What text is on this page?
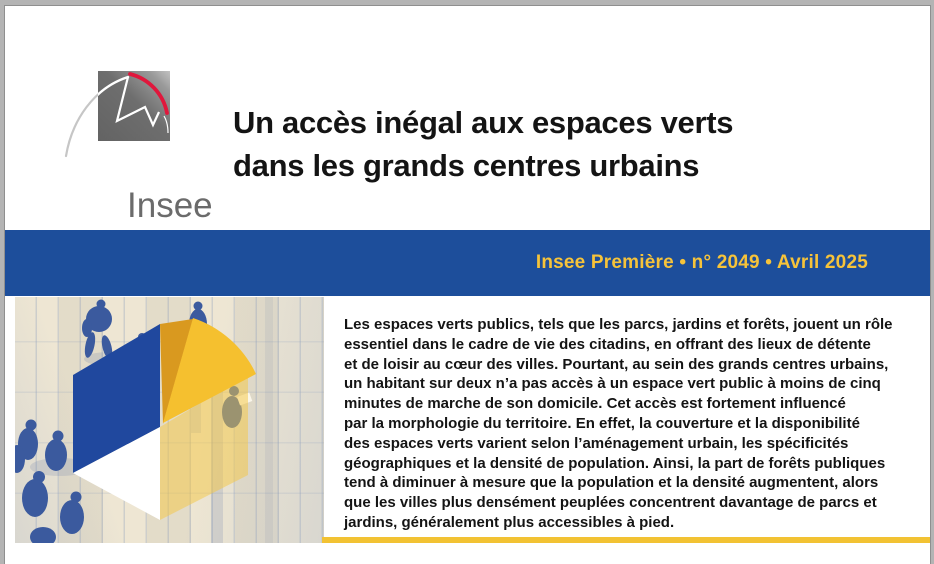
Insee
Un accès inégal aux espaces verts
dans les grands centres urbains
Insee Première • n° 2049 • Avril 2025
Les espaces verts publics, tels que les parcs, jardins et forêts, jouent un rôle
essentiel dans le cadre de vie des citadins, en offrant des lieux de détente
et de loisir au cœur des villes. Pourtant, au sein des grands centres urbains,
un habitant sur deux n’a pas accès à un espace vert public à moins de cinq
minutes de marche de son domicile. Cet accès est fortement influencé
par la morphologie du territoire. En effet, la couverture et la disponibilité
des espaces verts varient selon l’aménagement urbain, les spécificités
géographiques et la densité de population. Ainsi, la part de forêts publiques
tend à diminuer à mesure que la population et la densité augmentent, alors
que les villes plus densément peuplées concentrent davantage de parcs et
jardins, généralement plus accessibles à pied.
